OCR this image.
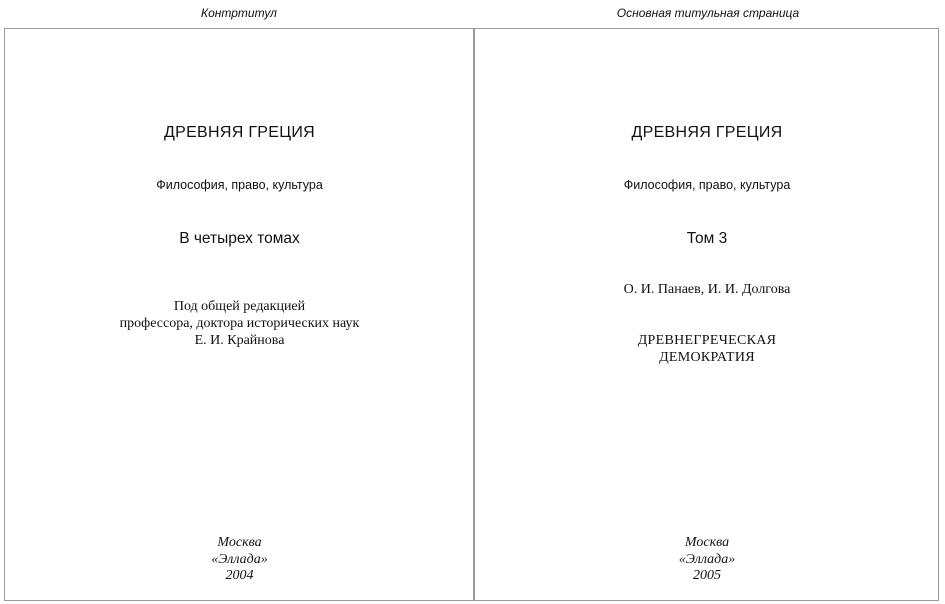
Контртитул	Основная титульная страница
ДРЕВНЯЯ ГРЕЦИЯ
Философия, право, культура
В четырех томах
Под общей редакцией
профессора, доктора исторических наук
Е. И. Крайнова
Москва
«Эллада»
2004
ДРЕВНЯЯ ГРЕЦИЯ
Философия, право, культура
Том 3
О. И. Панаев, И. И. Долгова
ДРЕВНЕГРЕЧЕСКАЯ
ДЕМОКРАТИЯ
Москва
«Эллада»
2005
